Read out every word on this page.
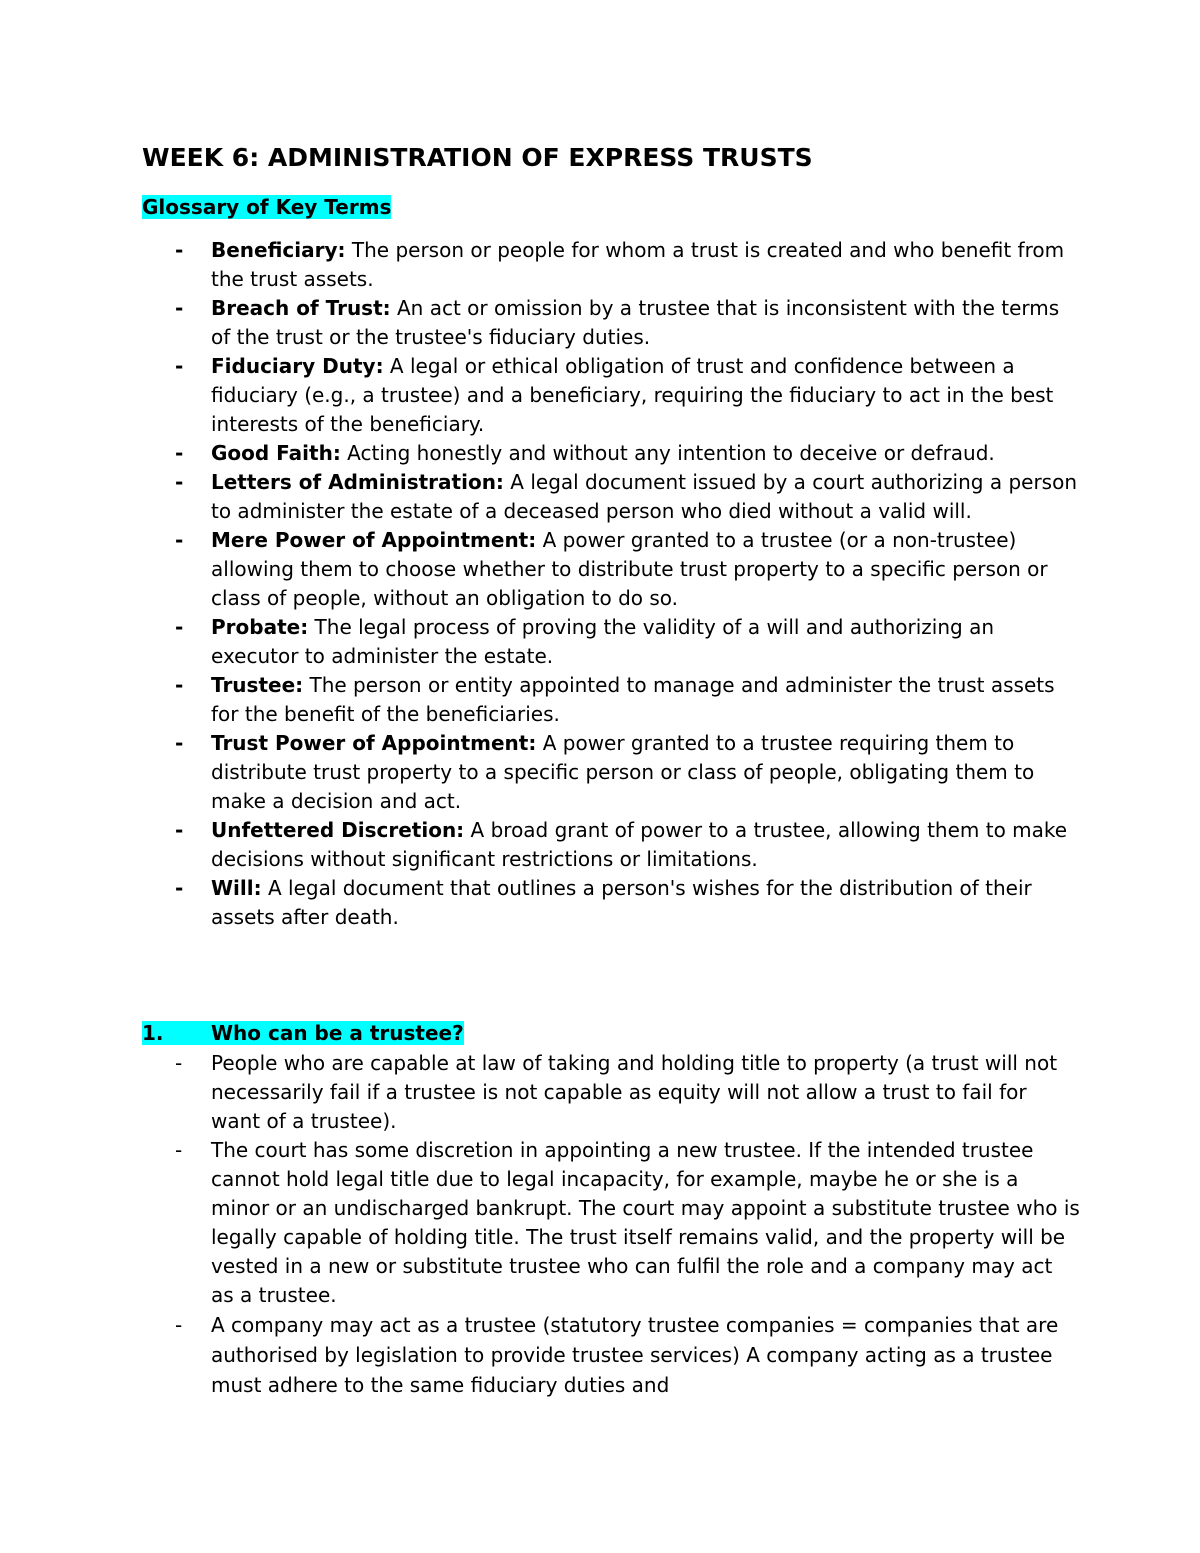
WEEK 6: ADMINISTRATION OF EXPRESS TRUSTS
Glossary of Key Terms
- Beneficiary: The person or people for whom a trust is created and who benefit from the trust assets.
- Breach of Trust: An act or omission by a trustee that is inconsistent with the terms of the trust or the trustee's fiduciary duties.
- Fiduciary Duty: A legal or ethical obligation of trust and confidence between a fiduciary (e.g., a trustee) and a beneficiary, requiring the fiduciary to act in the best interests of the beneficiary.
- Good Faith: Acting honestly and without any intention to deceive or defraud.
- Letters of Administration: A legal document issued by a court authorizing a person to administer the estate of a deceased person who died without a valid will.
- Mere Power of Appointment: A power granted to a trustee (or a non-trustee) allowing them to choose whether to distribute trust property to a specific person or class of people, without an obligation to do so.
- Probate: The legal process of proving the validity of a will and authorizing an executor to administer the estate.
- Trustee: The person or entity appointed to manage and administer the trust assets for the benefit of the beneficiaries.
- Trust Power of Appointment: A power granted to a trustee requiring them to distribute trust property to a specific person or class of people, obligating them to make a decision and act.
- Unfettered Discretion: A broad grant of power to a trustee, allowing them to make decisions without significant restrictions or limitations.
- Will: A legal document that outlines a person's wishes for the distribution of their assets after death.
1. Who can be a trustee?
- People who are capable at law of taking and holding title to property (a trust will not necessarily fail if a trustee is not capable as equity will not allow a trust to fail for want of a trustee).
- The court has some discretion in appointing a new trustee. If the intended trustee cannot hold legal title due to legal incapacity, for example, maybe he or she is a minor or an undischarged bankrupt. The court may appoint a substitute trustee who is legally capable of holding title. The trust itself remains valid, and the property will be vested in a new or substitute trustee who can fulfil the role and a company may act as a trustee.
- A company may act as a trustee (statutory trustee companies = companies that are authorised by legislation to provide trustee services) A company acting as a trustee must adhere to the same fiduciary duties and
